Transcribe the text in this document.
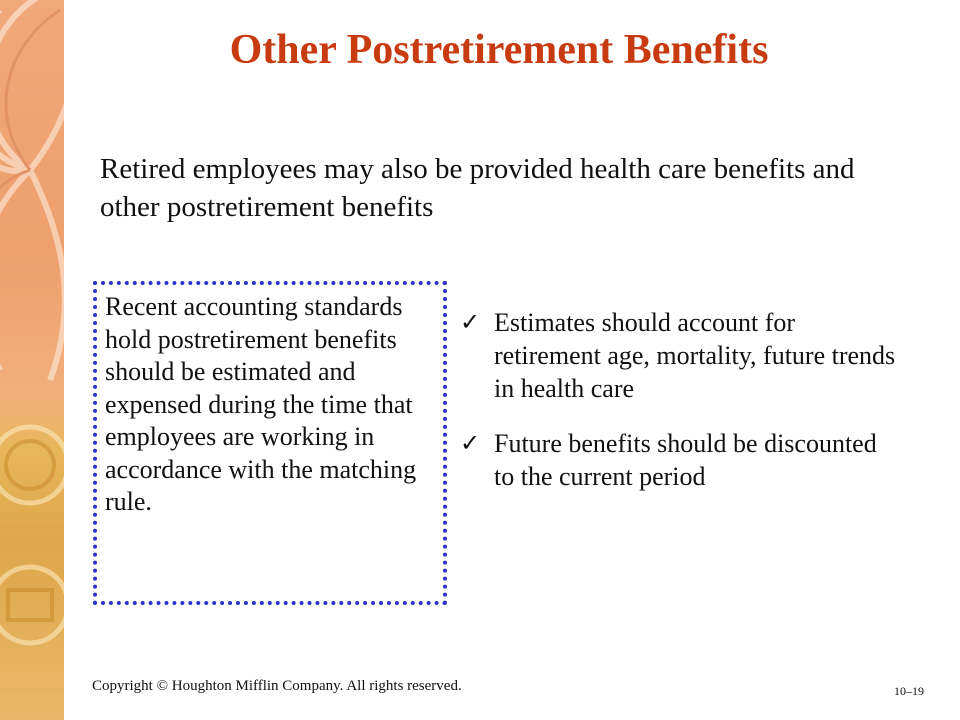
Other Postretirement Benefits

Retired employees may also be provided health care benefits and other postretirement benefits

Recent accounting standards hold postretirement benefits should be estimated and expensed during the time that employees are working in accordance with the matching rule.

✓ Estimates should account for retirement age, mortality, future trends in health care
✓ Future benefits should be discounted to the current period
Copyright © Houghton Mifflin Company. All rights reserved.	10–19
